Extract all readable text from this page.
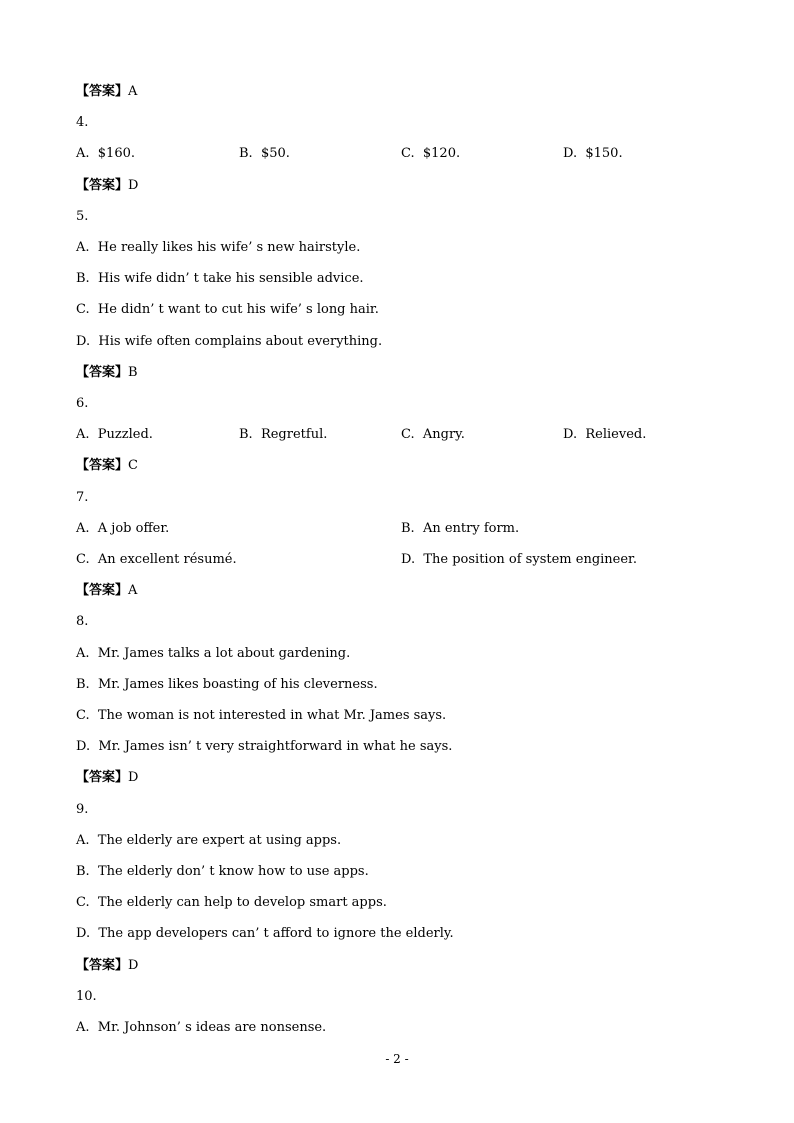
【答案】A
4.
A.  $160.	B.  $50.	C.  $120.	D.  $150.
【答案】D
5.
A.  He really likes his wife’ s new hairstyle.
B.  His wife didn’ t take his sensible advice.
C.  He didn’ t want to cut his wife’ s long hair.
D.  His wife often complains about everything.
【答案】B
6.
A.  Puzzled.	B.  Regretful.	C.  Angry.	D.  Relieved.
【答案】C
7.
A.  A job offer.	B.  An entry form.
C.  An excellent résumé.	D.  The position of system engineer.
【答案】A
8.
A.  Mr. James talks a lot about gardening.
B.  Mr. James likes boasting of his cleverness.
C.  The woman is not interested in what Mr. James says.
D.  Mr. James isn’ t very straightforward in what he says.
【答案】D
9.
A.  The elderly are expert at using apps.
B.  The elderly don’ t know how to use apps.
C.  The elderly can help to develop smart apps.
D.  The app developers can’ t afford to ignore the elderly.
【答案】D
10.
A.  Mr. Johnson’ s ideas are nonsense.
- 2 -
